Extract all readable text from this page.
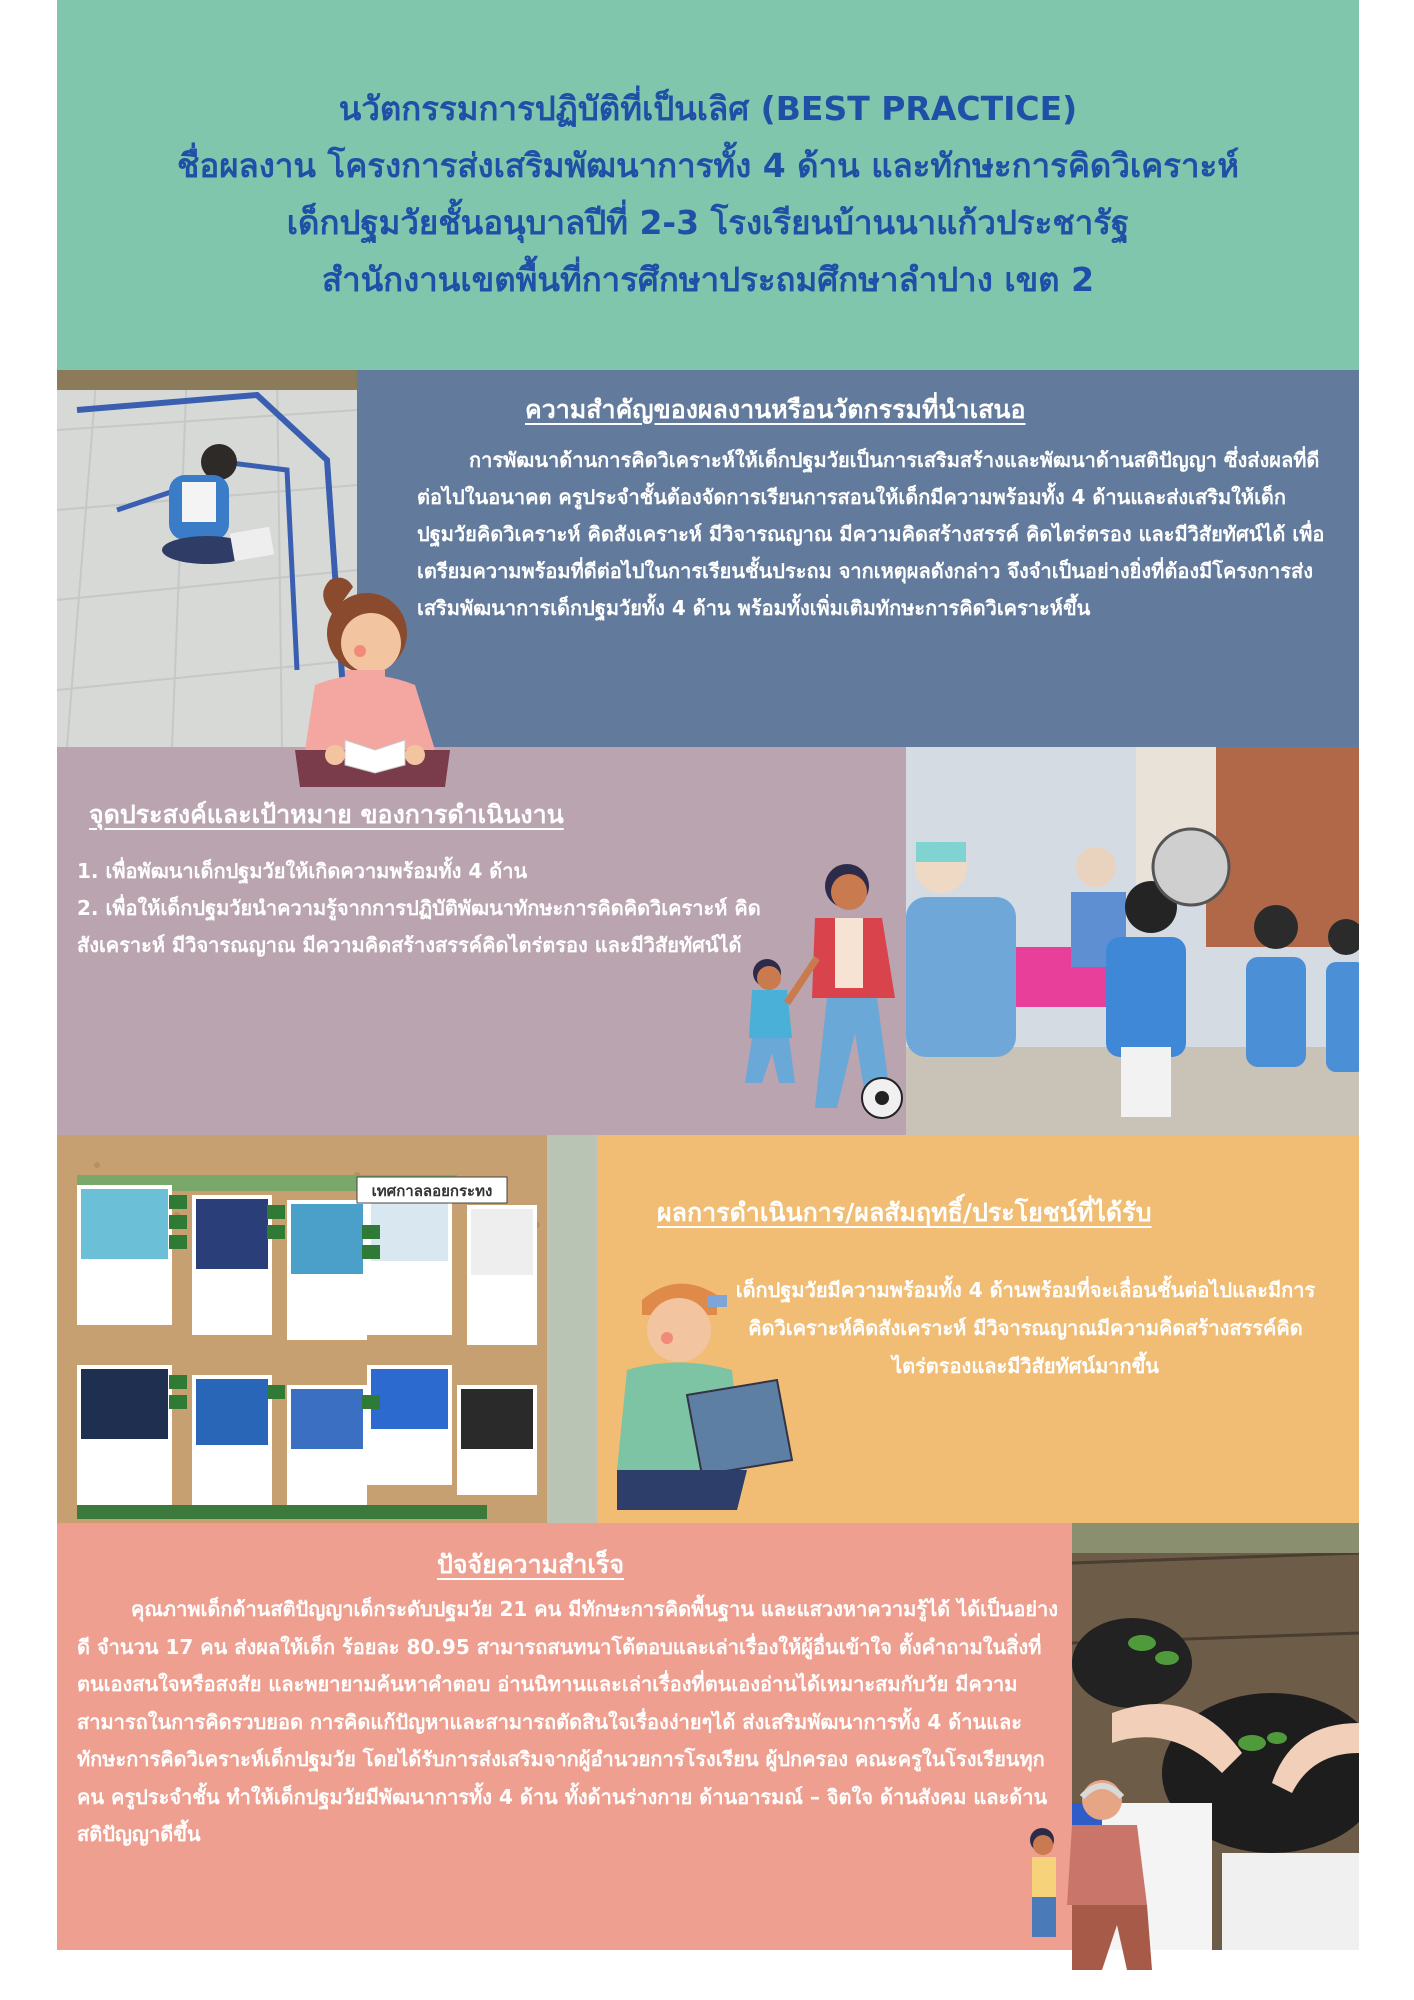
นวัตกรรมการปฏิบัติที่เป็นเลิศ (BEST PRACTICE)
ชื่อผลงาน โครงการส่งเสริมพัฒนาการทั้ง 4 ด้าน และทักษะการคิดวิเคราะห์
เด็กปฐมวัยชั้นอนุบาลปีที่ 2-3 โรงเรียนบ้านนาแก้วประชารัฐ
สำนักงานเขตพื้นที่การศึกษาประถมศึกษาลำปาง เขต 2
ความสำคัญของผลงานหรือนวัตกรรมที่นำเสนอ

การพัฒนาด้านการคิดวิเคราะห์ให้เด็กปฐมวัยเป็นการเสริมสร้างและพัฒนาด้านสติปัญญา ซึ่งส่งผลที่ดีต่อไปในอนาคต ครูประจำชั้นต้องจัดการเรียนการสอนให้เด็กมีความพร้อมทั้ง 4 ด้านและส่งเสริมให้เด็กปฐมวัยคิดวิเคราะห์ คิดสังเคราะห์ มีวิจารณญาณ มีความคิดสร้างสรรค์ คิดไตร่ตรอง และมีวิสัยทัศน์ได้ เพื่อเตรียมความพร้อมที่ดีต่อไปในการเรียนชั้นประถม จากเหตุผลดังกล่าว จึงจำเป็นอย่างยิ่งที่ต้องมีโครงการส่งเสริมพัฒนาการเด็กปฐมวัยทั้ง 4 ด้าน พร้อมทั้งเพิ่มเติมทักษะการคิดวิเคราะห์ขึ้น

จุดประสงค์และเป้าหมาย ของการดำเนินงาน

1. เพื่อพัฒนาเด็กปฐมวัยให้เกิดความพร้อมทั้ง 4 ด้าน

2. เพื่อให้เด็กปฐมวัยนำความรู้จากการปฏิบัติพัฒนาทักษะการคิดคิดวิเคราะห์ คิดสังเคราะห์ มีวิจารณญาณ มีความคิดสร้างสรรค์คิดไตร่ตรอง และมีวิสัยทัศน์ได้

เทศกาลลอยกระทง
ผลการดำเนินการ/ผลสัมฤทธิ์/ประโยชน์ที่ได้รับ

เด็กปฐมวัยมีความพร้อมทั้ง 4 ด้านพร้อมที่จะเลื่อนชั้นต่อไปและมีการคิดวิเคราะห์คิดสังเคราะห์ มีวิจารณญาณมีความคิดสร้างสรรค์คิดไตร่ตรองและมีวิสัยทัศน์มากขึ้น

ปัจจัยความสำเร็จ

คุณภาพเด็กด้านสติปัญญาเด็กระดับปฐมวัย 21 คน มีทักษะการคิดพื้นฐาน และแสวงหาความรู้ได้ ได้เป็นอย่างดี จำนวน 17 คน ส่งผลให้เด็ก ร้อยละ 80.95 สามารถสนทนาโต้ตอบและเล่าเรื่องให้ผู้อื่นเข้าใจ ตั้งคำถามในสิ่งที่ตนเองสนใจหรือสงสัย และพยายามค้นหาคำตอบ อ่านนิทานและเล่าเรื่องที่ตนเองอ่านได้เหมาะสมกับวัย มีความสามารถในการคิดรวบยอด การคิดแก้ปัญหาและสามารถตัดสินใจเรื่องง่ายๆได้ ส่งเสริมพัฒนาการทั้ง 4 ด้านและทักษะการคิดวิเคราะห์เด็กปฐมวัย โดยได้รับการส่งเสริมจากผู้อำนวยการโรงเรียน ผู้ปกครอง คณะครูในโรงเรียนทุกคน ครูประจำชั้น ทำให้เด็กปฐมวัยมีพัฒนาการทั้ง 4 ด้าน ทั้งด้านร่างกาย ด้านอารมณ์ – จิตใจ ด้านสังคม และด้านสติปัญญาดีขึ้น
